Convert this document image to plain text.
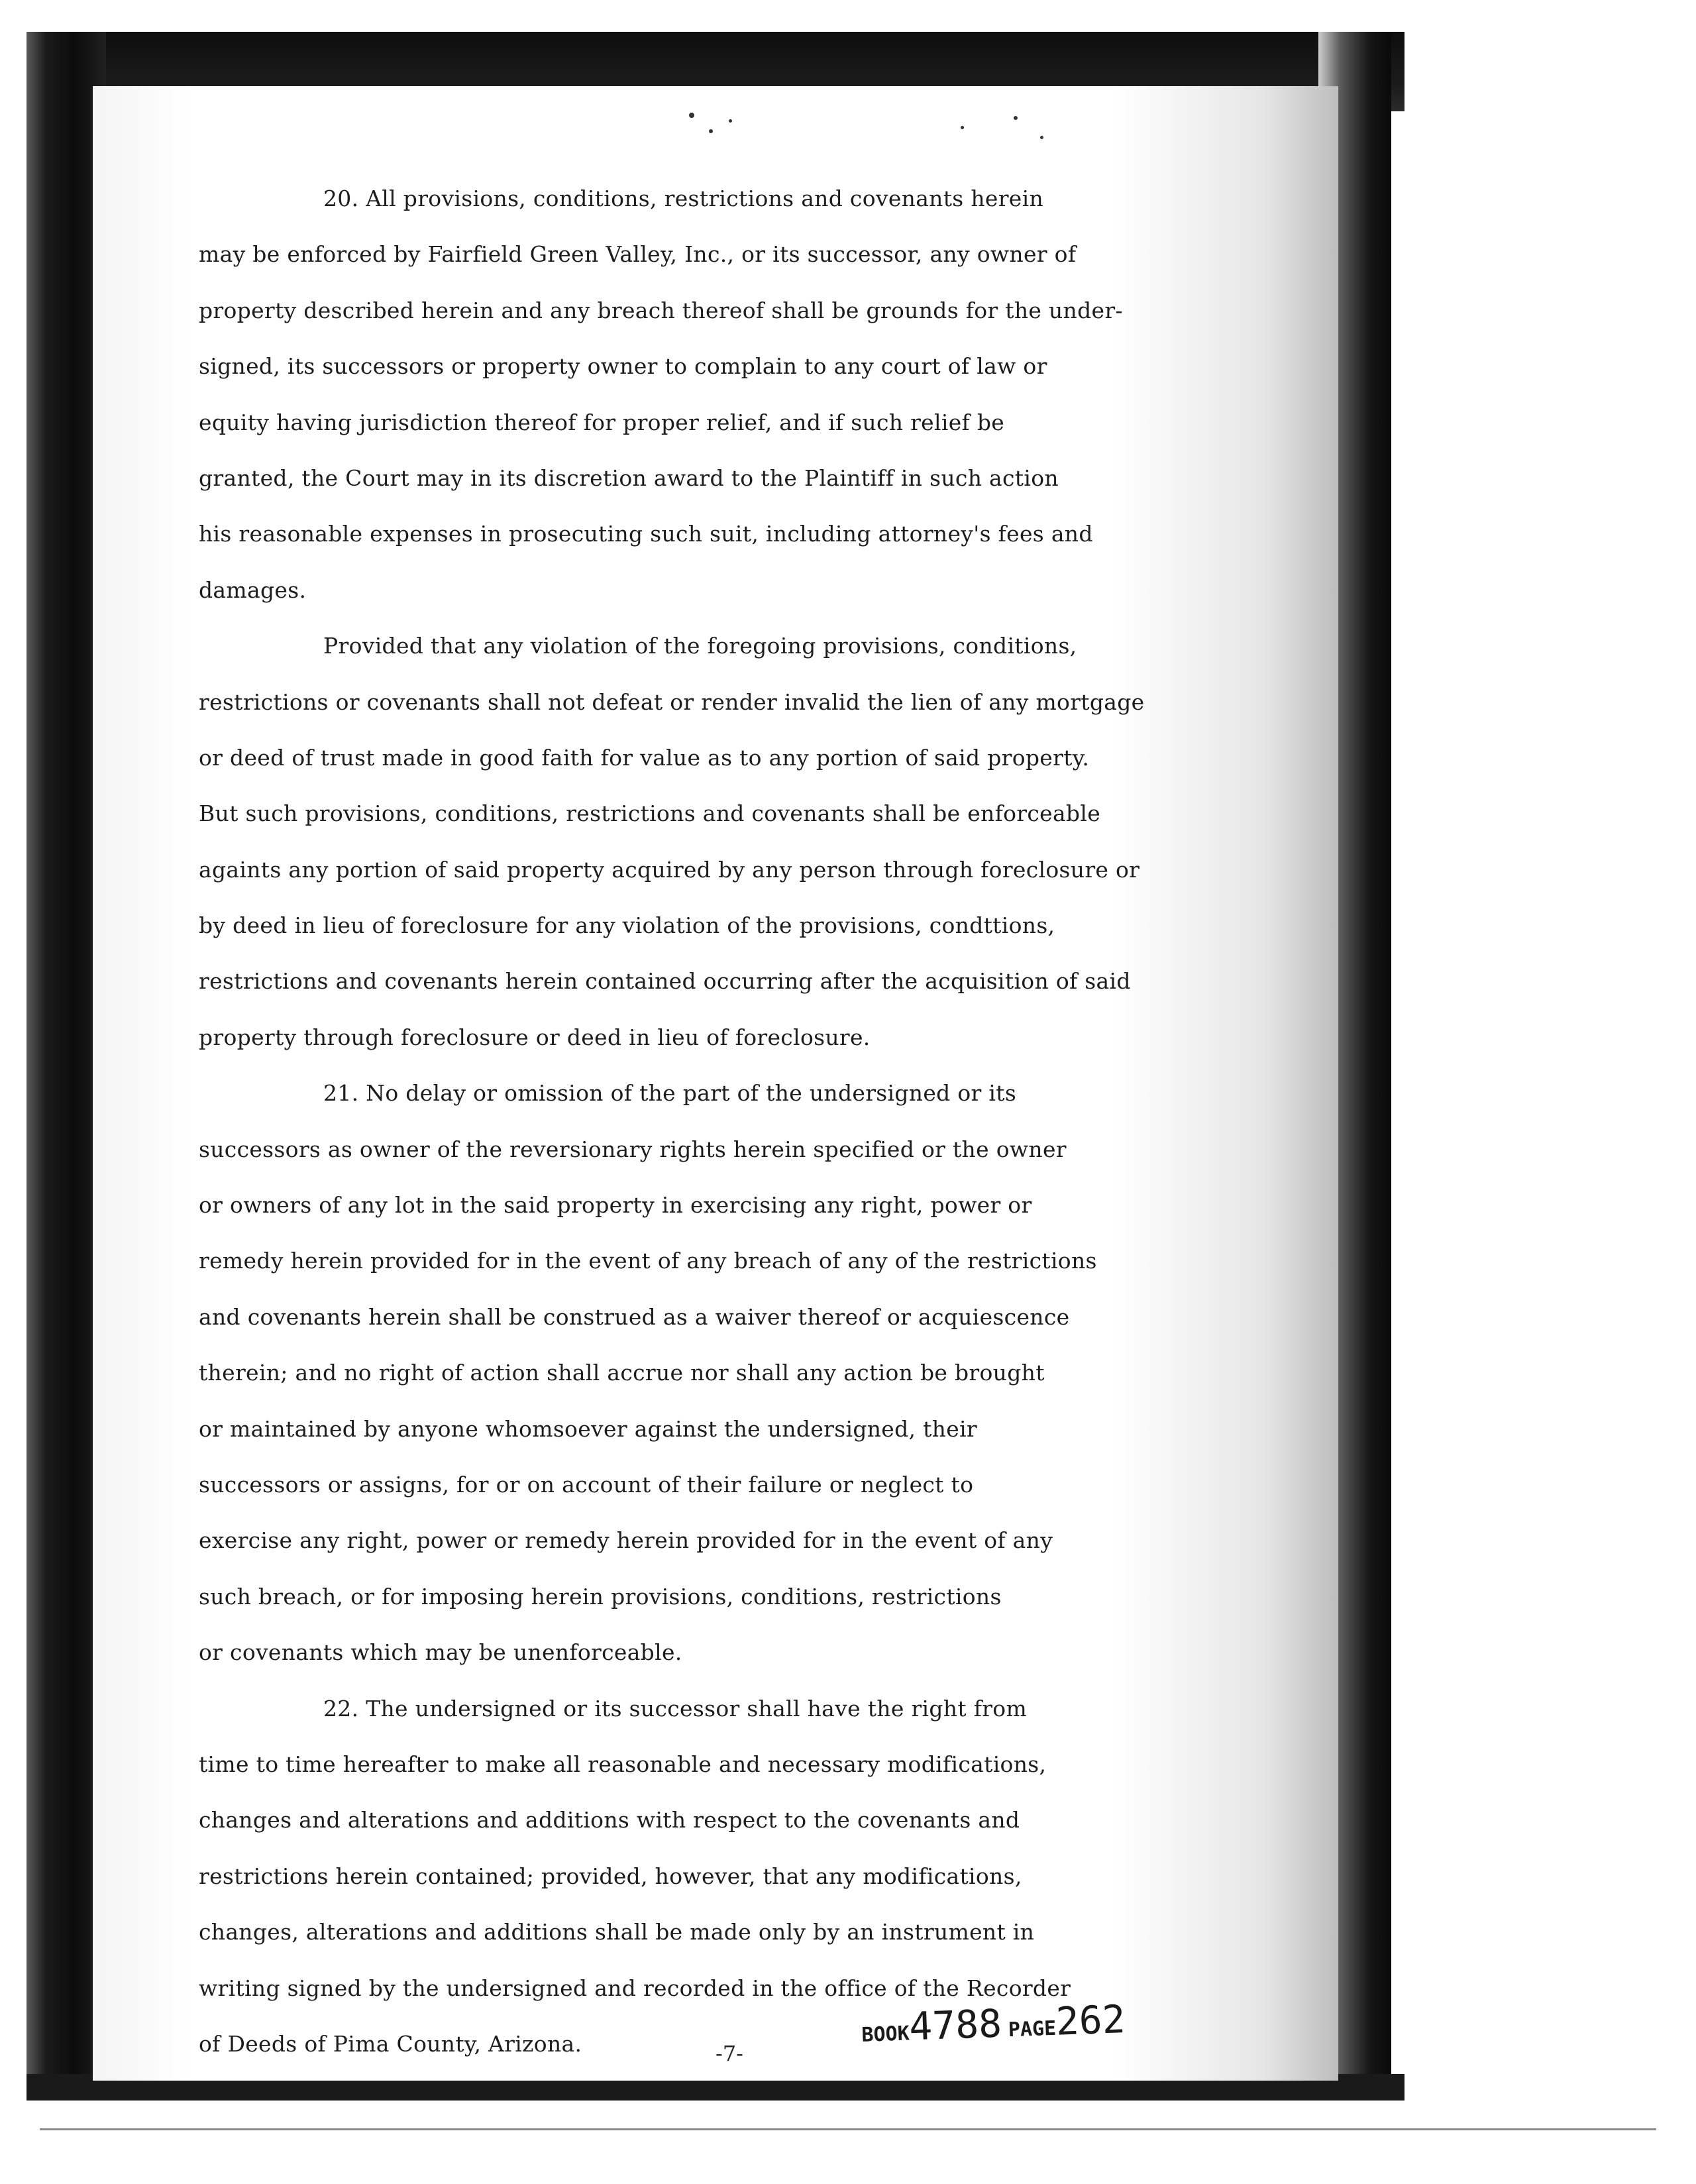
20. All provisions, conditions, restrictions and covenants herein
may be enforced by Fairfield Green Valley, Inc., or its successor, any owner of
property described herein and any breach thereof shall be grounds for the under-
signed, its successors or property owner to complain to any court of law or
equity having jurisdiction thereof for proper relief, and if such relief be
granted, the Court may in its discretion award to the Plaintiff in such action
his reasonable expenses in prosecuting such suit, including attorney's fees and
damages.
Provided that any violation of the foregoing provisions, conditions,
restrictions or covenants shall not defeat or render invalid the lien of any mortgage
or deed of trust made in good faith for value as to any portion of said property.
But such provisions, conditions, restrictions and covenants shall be enforceable
againts any portion of said property acquired by any person through foreclosure or
by deed in lieu of foreclosure for any violation of the provisions, condttions,
restrictions and covenants herein contained occurring after the acquisition of said
property through foreclosure or deed in lieu of foreclosure.
21. No delay or omission of the part of the undersigned or its
successors as owner of the reversionary rights herein specified or the owner
or owners of any lot in the said property in exercising any right, power or
remedy herein provided for in the event of any breach of any of the restrictions
and covenants herein shall be construed as a waiver thereof or acquiescence
therein; and no right of action shall accrue nor shall any action be brought
or maintained by anyone whomsoever against the undersigned, their
successors or assigns, for or on account of their failure or neglect to
exercise any right, power or remedy herein provided for in the event of any
such breach, or for imposing herein provisions, conditions, restrictions
or covenants which may be unenforceable.
22. The undersigned or its successor shall have the right from
time to time hereafter to make all reasonable and necessary modifications,
changes and alterations and additions with respect to the covenants and
restrictions herein contained; provided, however, that any modifications,
changes, alterations and additions shall be made only by an instrument in
writing signed by the undersigned and recorded in the office of the Recorder
of Deeds of Pima County, Arizona.	BOOK4788 PAGE262
-7-
